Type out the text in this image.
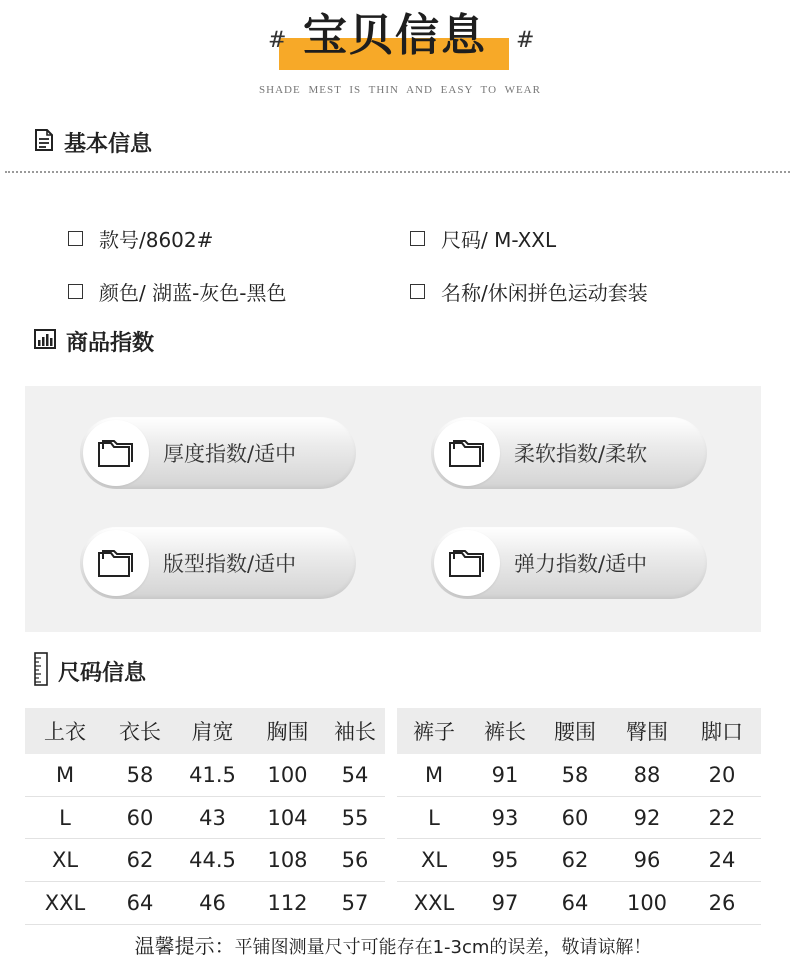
宝贝信息
#	#
SHADE MEST IS THIN AND EASY TO WEAR
基本信息
款号/8602#	尺码/ M-XXL
颜色/ 湖蓝-灰色-黑色	名称/休闲拼色运动套装
商品指数
厚度指数/适中	柔软指数/柔软
版型指数/适中	弹力指数/适中
尺码信息
上衣	衣长	肩宽	胸围	袖长
M	58	41.5	100	54
L	60	43	104	55
XL	62	44.5	108	56
XXL	64	46	112	57
裤子	裤长	腰围	臀围	脚口
M	91	58	88	20
L	93	60	92	22
XL	95	62	96	24
XXL	97	64	100	26
温馨提示：平铺图测量尺寸可能存在1-3cm的误差，敬请谅解！
